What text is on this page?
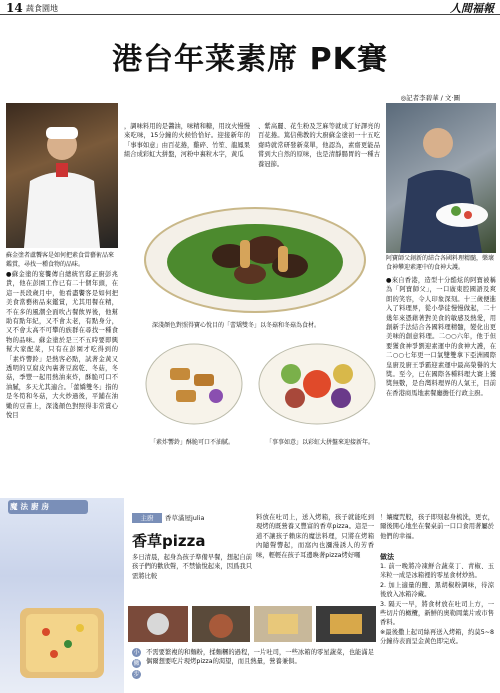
14 蔬食園地	人間福報
港台年菜素席 PK賽
◎記者李碧華 / 文‧圖
蘇金塗者盧饗客是如何把素食當藝術品來鑑賞，尋找一種食物的品味。
●蘇金塗的宴饗傳自總統官邸正廚彭兆貴，他在彭園工作已有二十個年頭，在這一長段歲月中，他看盡饗客是如何把美食當藝術品來鑑賞，尤其用餐在精，不在多的風潮全面吹占餐飲界後，他幫助有點年紀，又不會太老，有點身分，又不會太高不可攀的族群在尋找一種食物的品味。蘇金塗於是三不五時要即興幫大家配菜，只有在彭園才吃得到的「素炸響鈴」是熱客必點，試著金黃又透明的豆腐皮內裏著豆腐乾、冬菇，冬菇，季豐一起用熱油來炸，酥脆可口不油膩，多天尤其適合。「蕾嬌雙冬」指的是冬筍和冬菇，大火炒過後，平鋪在油嫩的豆苗上，深淺顏色對照得非常賞心悅目
，調味料用的是醬油，味精和糖，用玟火慢慢來吃味，15分鐘的火候恰恰好。迎接新年的「事事如意」由百花捲，雞碎、竹笙、龍鳳果組合成彩虹大拼盤，河粉中裏粒木字，黃瓜
、紫高麗、花生粉及芝麻等就成了好譯亮的百花捲。篤信佛教的大廚蘇金塗初一十五吃齋時就常研發新菜單，他認為，素齋更能品嘗到大自然的原味，也是清靜腸胃的一種古養冠節。
深淺顏色對照得寶心悅目的「蕾矯雙冬」以冬菇和冬菇為食材。
「素炸響鈴」酥脆可口不油膩。	「事事如意」以彩虹大拼盤來迎接新年。
阿寶師父創新的結合各國料理精髓，樂壞食神攀迎素運中的食神大護。
●來自香港，造型十分酷炫的阿寶被稱為「阿寶師父」，一口廣東腔國語及爽朗的笑容，令人印象深刻。十三歲便進入了料理界，從小學徒慢慢做起，二十幾年來憑藉著對美食的敏感及熱愛，用創新手法結合各國料理精髓，變化出更美味的創意料理。二○○六年，他于但要獲食神爭劉迎素運中的食神大護，在二○○七年更一口氣雙雙拿下亞洲國際皇廚及廚王爭霸迎素運中最高榮譽的大獎。至今，已在國際各種料理大賽上獲獎無數，是台灣料理界的人氣王，目前在香港商馬地素餐廳擔任行政主廚。
魔法廚房
主廚	香草滿屋julia
香草pizza
多日清晨，起身為孩子準備早餐，想起自前孩子們的歡欣聲，不禁愉悅起來，因爲我只需將比較
料放在吐司上，送入烤箱，孩子就能吃到現烤的既營養又豐富的香草pizza。這是一道不讓孩子賴床的魔法料理，只將在烤箱內隨聲響起，而窩內也瀰漫誘人的芳香味，輕輕在孩子耳邊喚著pizza烤好囉
！孃魔咒般，孩子即刻起身梳洗，更衣，爾後開心地坐在餐桌前一口口食用著屬於他們的幸福。
做法
1. 前一晚將冷凍鮮合蔬菜丁、青椒、玉米粒一成是冰箱裡的零星食材炒熟。
2. 加上適量的鹽、黑胡椒粉調味，待涼後放入冰箱冷藏。
3. 隔天一早，將食材放在吐司上方，一些切片的橄欖，新鮮的奧勒岡葉片或市售香料。
※最後撒上起司絲再送入烤箱，約莫5~8分鐘待表面呈金黃色即完成。
小
撇
步
不需要繁複的和麵粉，揉麵糰的過程，一片吐司，一些冰箱的零星蔬菜，也能滿足偶爾想要吃片現烤pizza的渴望，而且熱量，營養兼俱。
